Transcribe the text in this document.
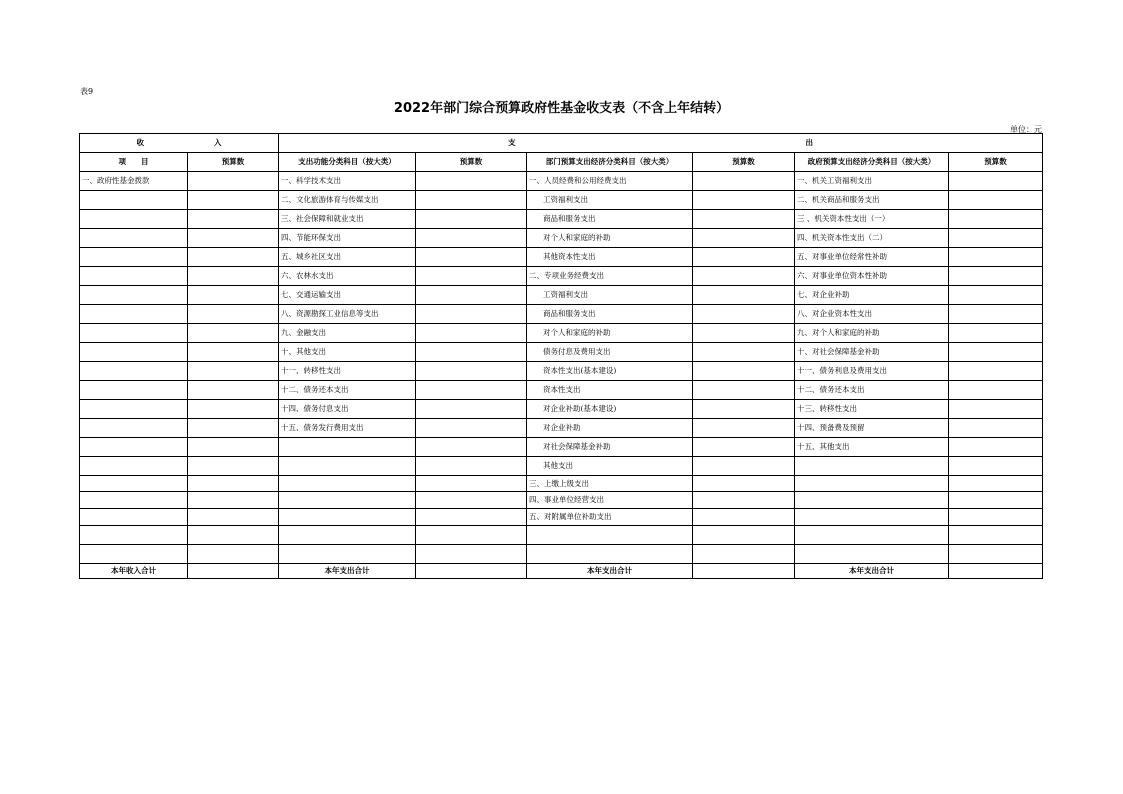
表9
2022年部门综合预算政府性基金收支表（不含上年结转）
单位：元
收 入		支 出					
项　　目	预算数	支出功能分类科目（按大类）	预算数	部门预算支出经济分类科目（按大类）	预算数	政府预算支出经济分类科目（按大类）	预算数
一、政府性基金拨款		一、科学技术支出		一、人员经费和公用经费支出		一、机关工资福利支出	
		二、文化旅游体育与传媒支出		工资福利支出		二、机关商品和服务支出	
		三、社会保障和就业支出		商品和服务支出		三 、机关资本性支出（一）	
		四、节能环保支出		对个人和家庭的补助		四、机关资本性支出（二）	
		五、城乡社区支出		其他资本性支出		五、对事业单位经常性补助	
		六、农林水支出		二、专项业务经费支出		六、对事业单位资本性补助	
		七、交通运输支出		工资福利支出		七、对企业补助	
		八、资源勘探工业信息等支出		商品和服务支出		八、对企业资本性支出	
		九、金融支出		对个人和家庭的补助		九、对个人和家庭的补助	
		十、其他支出		债务付息及费用支出		十、对社会保障基金补助	
		十一、转移性支出		资本性支出(基本建设)		十一、债务利息及费用支出	
		十二、债务还本支出		资本性支出		十二、债务还本支出	
		十四、债务付息支出		对企业补助(基本建设)		十三、转移性支出	
		十五、债务发行费用支出		对企业补助		十四、预备费及预留	
				对社会保障基金补助		十五、其他支出	
				其他支出			
				三、上缴上级支出			
				四、事业单位经营支出			
				五、对附属单位补助支出			

本年收入合计		本年支出合计		本年支出合计		本年支出合计	
